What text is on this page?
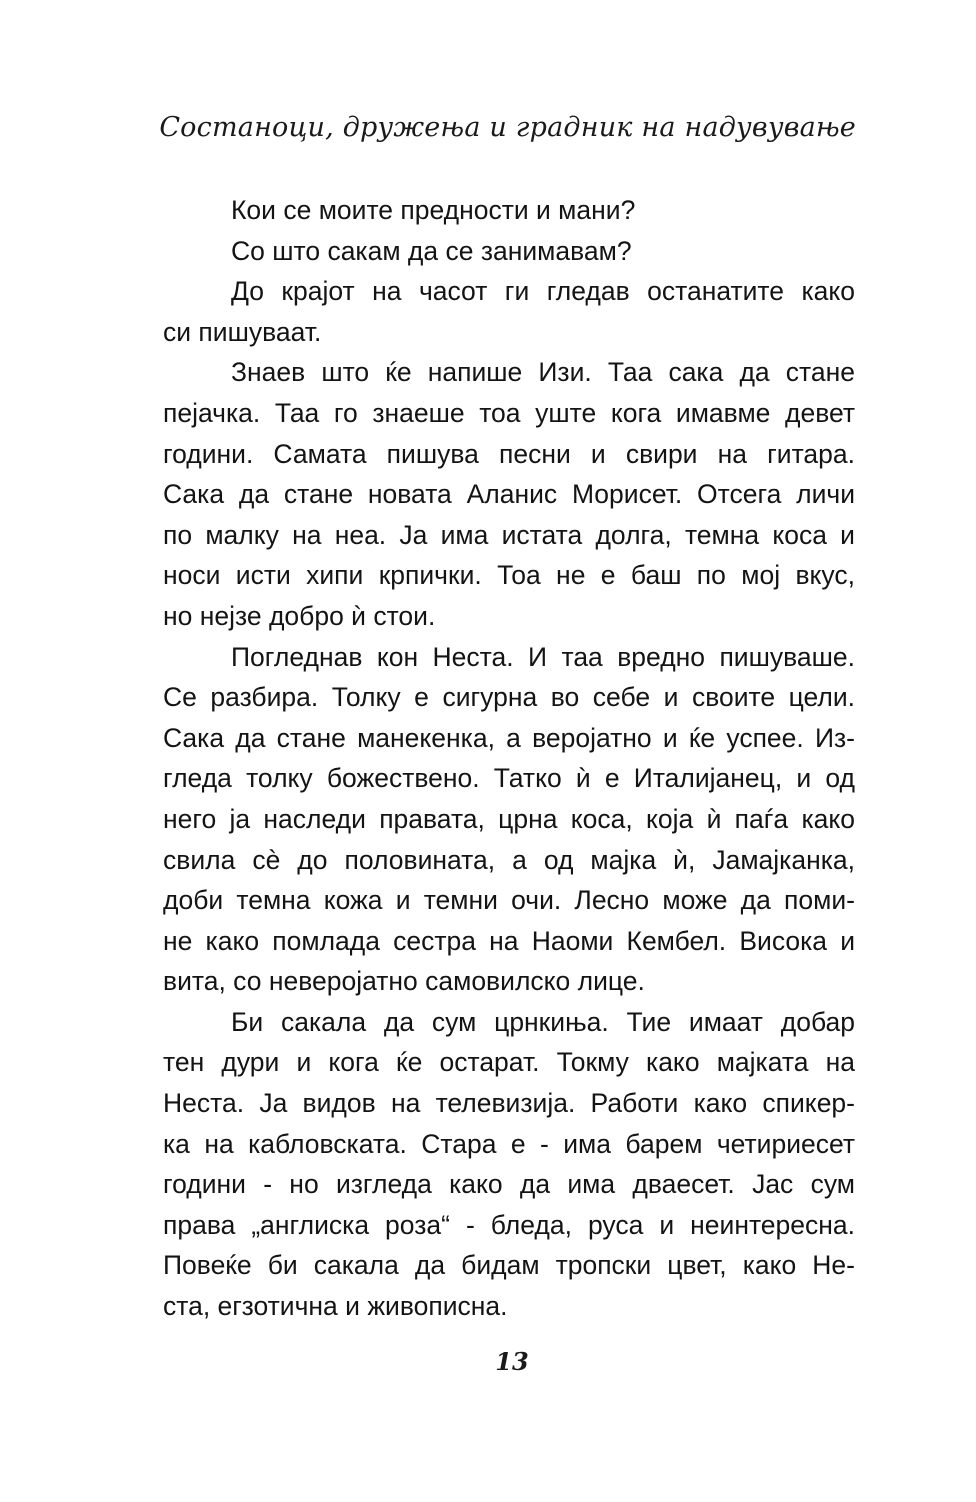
Состаноци, дружења и грaдник на надувување
Кои се моите предности и мани?
Со што сакам да се занимавам?
До крајот на часот ги гледав останатите како
си пишуваат.
Знаев што ќе напише Изи. Таа сака да стане
пејачка. Таа го знаеше тоа уште кога имавме девет
години. Самата пишува песни и свири на гитара.
Сака да стане новата Аланис Морисет. Отсега личи
по малку на неа. Ја има истата долга, темна коса и
носи исти хипи крпички. Тоа не е баш по мој вкус,
но нејзе добро ѝ стои.
Погледнав кон Неста. И таа вредно пишуваше.
Се разбира. Толку е сигурна во себе и своите цели.
Сака да стане манекенка, а веројатно и ќе успее. Из-
гледа толку божествено. Татко ѝ е Италијанец, и од
него ја наследи правата, црна коса, која ѝ паѓа како
свила сѐ до половината, а од мајка ѝ, Јамајканка,
доби темна кожа и темни очи. Лесно може да поми-
не како помлада сестра на Наоми Кембел. Висока и
вита, со неверојатно самовилско лице.
Би сакала да сум црнкиња. Тие имаат добар
тен дури и кога ќе остарат. Токму како мајката на
Неста. Ја видов на телевизија. Работи како спикер-
ка на кабловската. Стара е - има барем четириесет
години - но изгледа како да има дваесет. Јас сум
права „англиска роза“ - бледа, руса и неинтересна.
Повеќе би сакала да бидам тропски цвет, како Не-
ста, егзотична и живописна.
13
